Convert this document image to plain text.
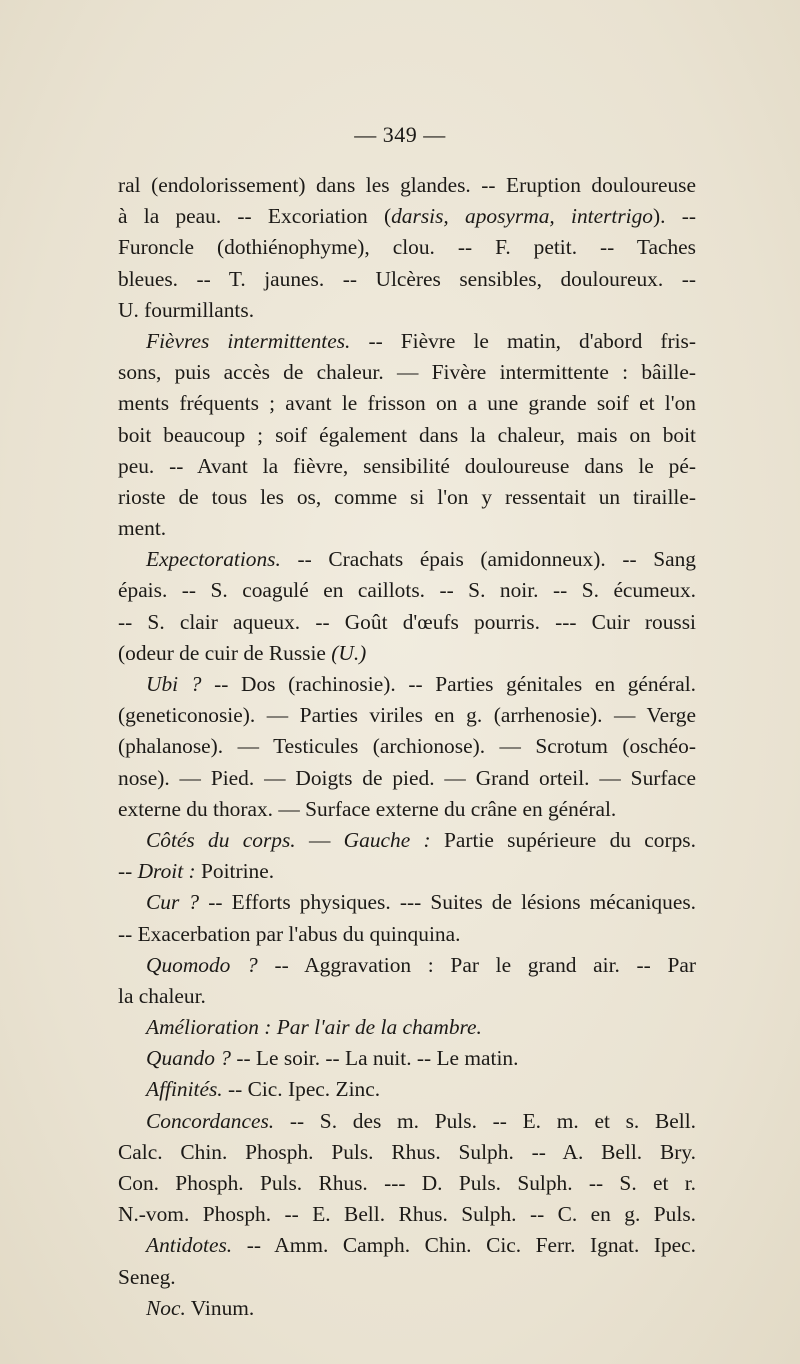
— 349 —
ral (endolorissement) dans les glandes. -- Eruption douloureuse
à la peau. -- Excoriation (darsis, aposyrma, intertrigo). --
Furoncle (dothiénophyme), clou. -- F. petit. -- Taches
bleues. -- T. jaunes. -- Ulcères sensibles, douloureux. --
U. fourmillants.
Fièvres intermittentes. -- Fièvre le matin, d'abord fris-
sons, puis accès de chaleur. — Fivère intermittente : bâille-
ments fréquents ; avant le frisson on a une grande soif et l'on
boit beaucoup ; soif également dans la chaleur, mais on boit
peu. -- Avant la fièvre, sensibilité douloureuse dans le pé-
rioste de tous les os, comme si l'on y ressentait un tiraille-
ment.
Expectorations. -- Crachats épais (amidonneux). -- Sang
épais. -- S. coagulé en caillots. -- S. noir. -- S. écumeux.
-- S. clair aqueux. -- Goût d'œufs pourris. --- Cuir roussi
(odeur de cuir de Russie (U.)
Ubi ? -- Dos (rachinosie). -- Parties génitales en général.
(geneticonosie). — Parties viriles en g. (arrhenosie). — Verge
(phalanose). — Testicules (archionose). — Scrotum (oschéo-
nose). — Pied. — Doigts de pied. — Grand orteil. — Surface
externe du thorax. — Surface externe du crâne en général.
Côtés du corps. — Gauche : Partie supérieure du corps.
-- Droit : Poitrine.
Cur ? -- Efforts physiques. --- Suites de lésions mécaniques.
-- Exacerbation par l'abus du quinquina.
Quomodo ? -- Aggravation : Par le grand air. -- Par
la chaleur.
Amélioration : Par l'air de la chambre.
Quando ? -- Le soir. -- La nuit. -- Le matin.
Affinités. -- Cic. Ipec. Zinc.
Concordances. -- S. des m. Puls. -- E. m. et s. Bell.
Calc. Chin. Phosph. Puls. Rhus. Sulph. -- A. Bell. Bry.
Con. Phosph. Puls. Rhus. --- D. Puls. Sulph. -- S. et r.
N.-vom. Phosph. -- E. Bell. Rhus. Sulph. -- C. en g. Puls.
Antidotes. -- Amm. Camph. Chin. Cic. Ferr. Ignat. Ipec.
Seneg.
Noc. Vinum.
